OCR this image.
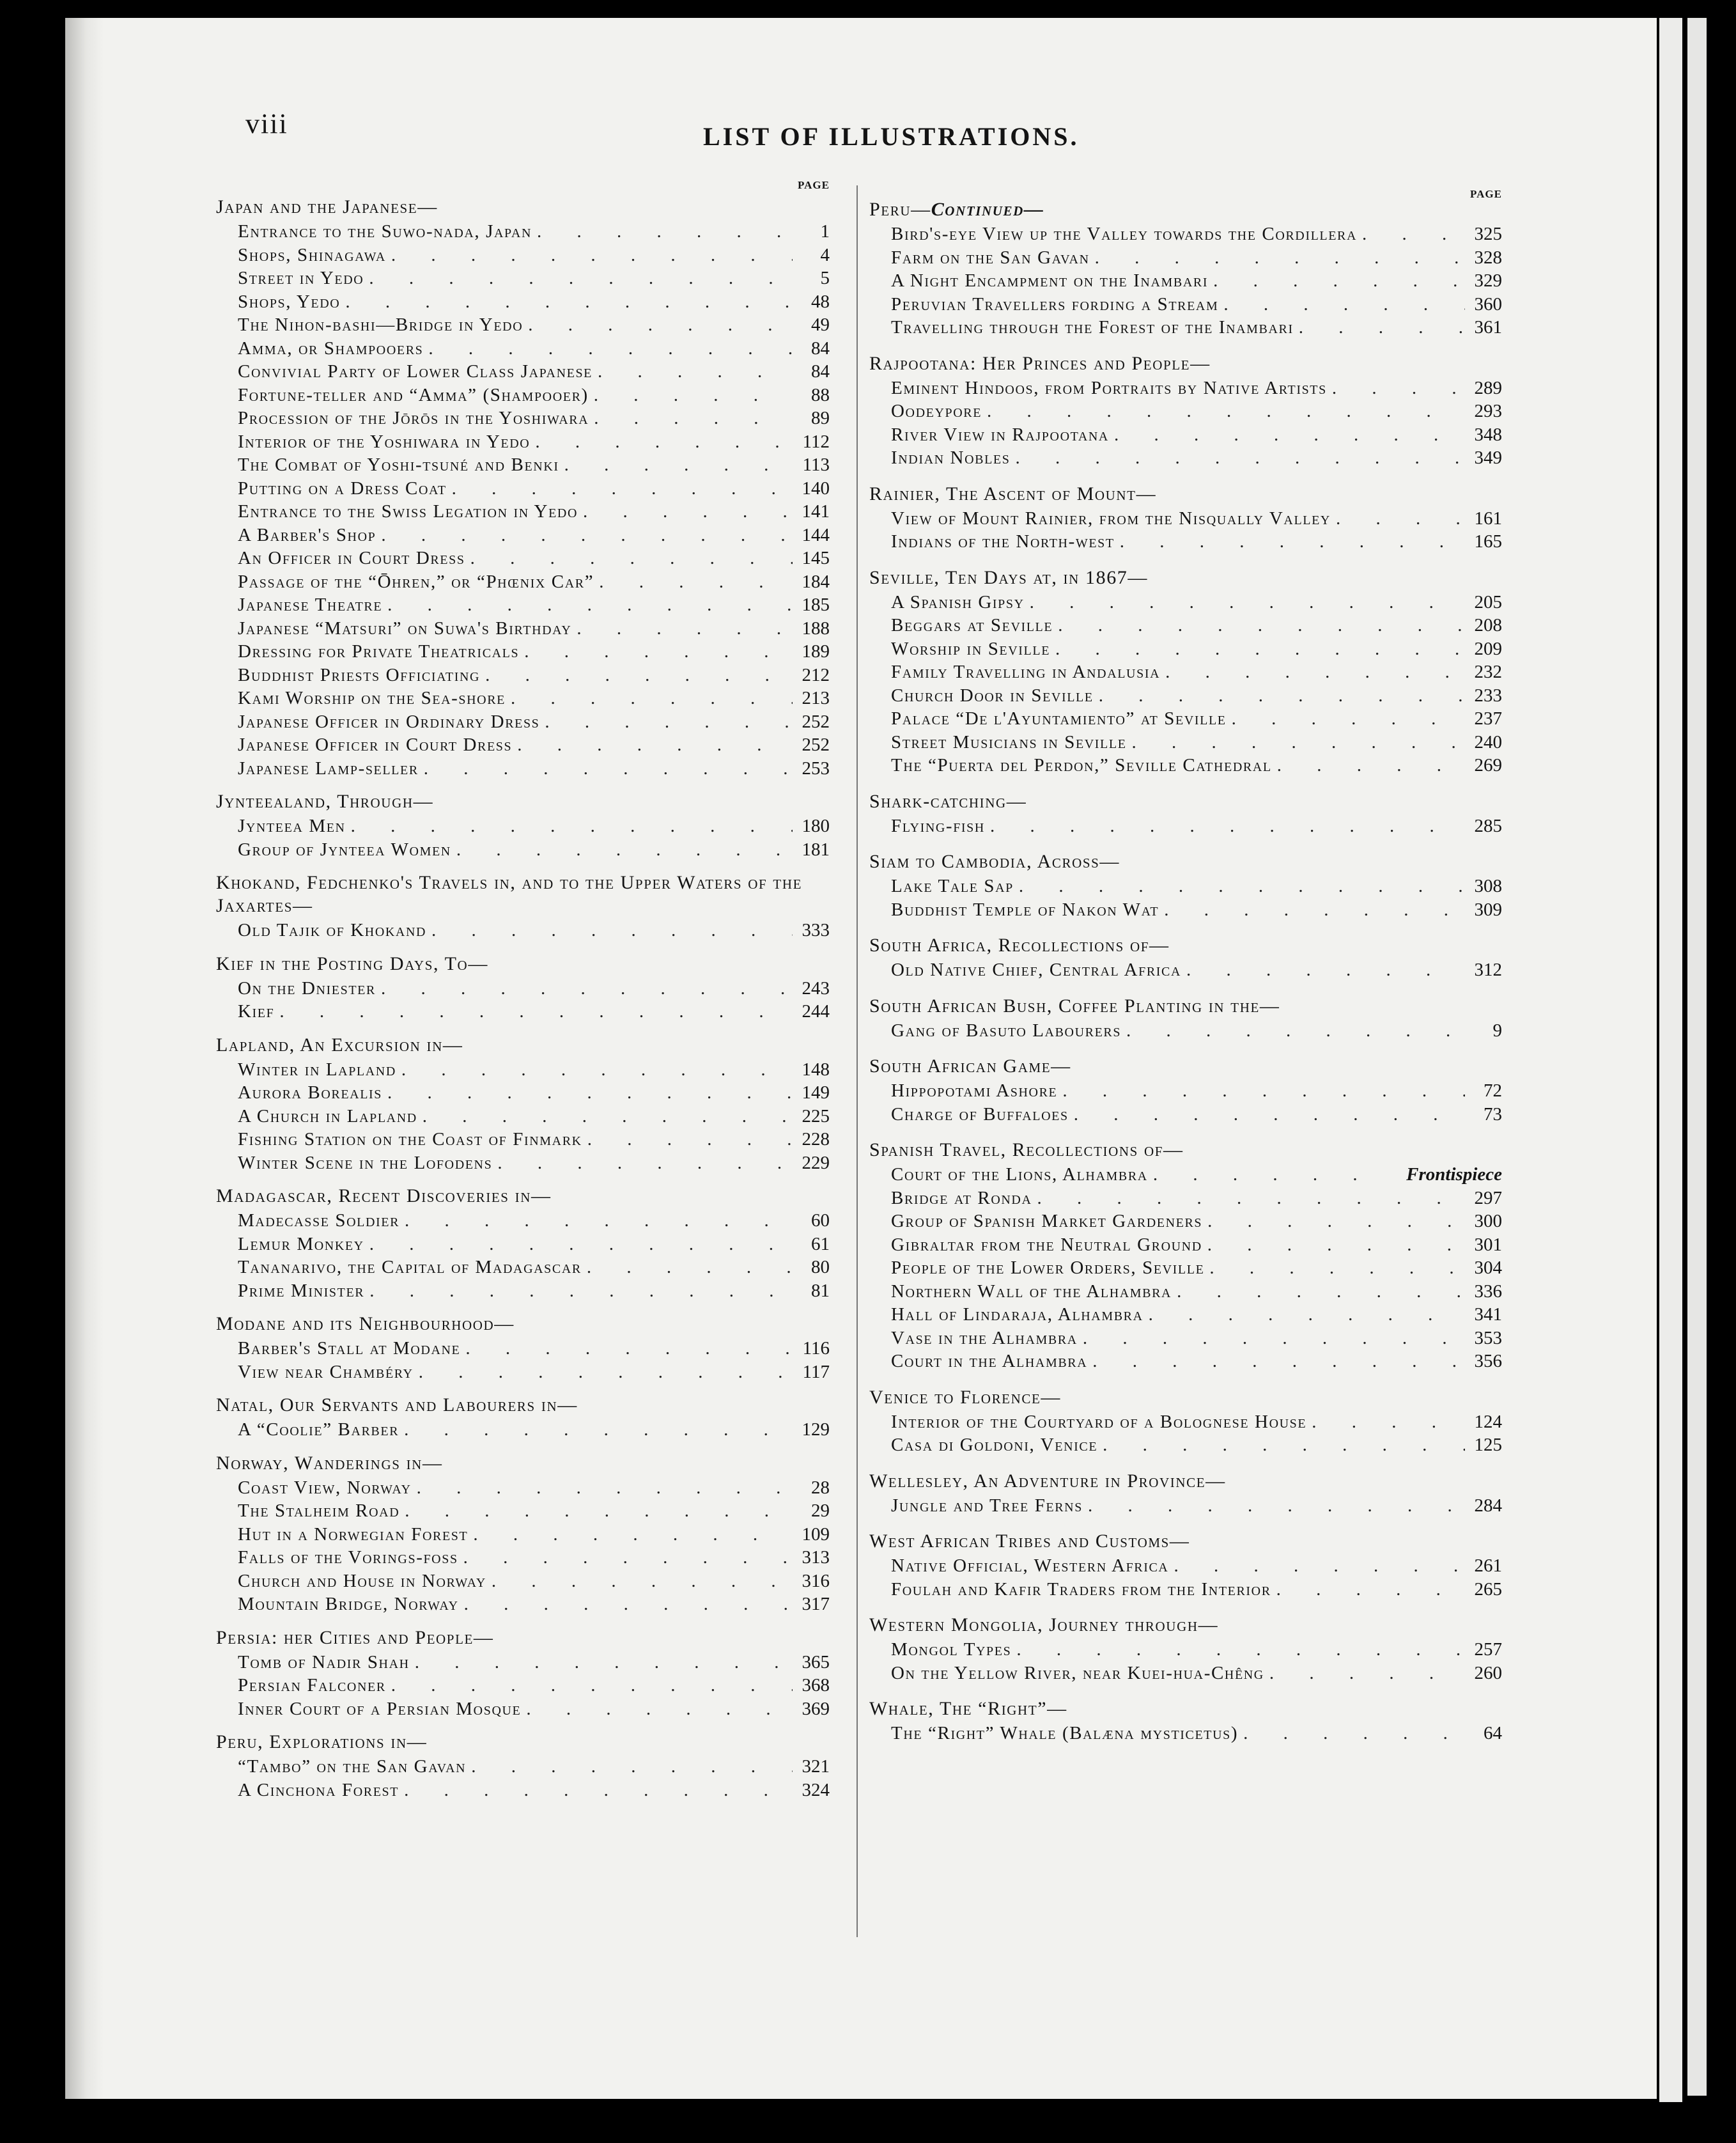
viii	LIST OF ILLUSTRATIONS.
PAGE
Japan and the Japanese—
Entrance to the Suwo-nada, Japan . . .	1
Shops, Shinagawa . . .	4
Street in Yedo . . .	5
Shops, Yedo . . .	48
The Nihon-bashi—Bridge in Yedo . . .	49
Amma, or Shampooers . . .	84
Convivial Party of Lower Class Japanese . . .	84
Fortune-teller and “Amma” (Shampooer) . . .	88
Procession of the Jōrōs in the Yoshiwara . . .	89
Interior of the Yoshiwara in Yedo . . .	112
The Combat of Yoshi-tsuné and Benki . . .	113
Putting on a Dress Coat . . .	140
Entrance to the Swiss Legation in Yedo . . .	141
A Barber's Shop . . .	144
An Officer in Court Dress . . .	145
Passage of the “Ōhren,” or “Phœnix Car” . . .	184
Japanese Theatre . . .	185
Japanese “Matsuri” on Suwa's Birthday . . .	188
Dressing for Private Theatricals . . .	189
Buddhist Priests Officiating . . .	212
Kami Worship on the Sea-shore . . .	213
Japanese Officer in Ordinary Dress . . .	252
Japanese Officer in Court Dress . . .	252
Japanese Lamp-seller . . .	253
Jynteealand, Through—
Jynteea Men . . .	180
Group of Jynteea Women . . .	181
Khokand, Fedchenko's Travels in, and to the Upper Waters of the Jaxartes—
Old Tajik of Khokand . . .	333
Kief in the Posting Days, To—
On the Dniester . . .	243
Kief . . .	244
Lapland, An Excursion in—
Winter in Lapland . . .	148
Aurora Borealis . . .	149
A Church in Lapland . . .	225
Fishing Station on the Coast of Finmark . . .	228
Winter Scene in the Lofodens . . .	229
Madagascar, Recent Discoveries in—
Madecasse Soldier . . .	60
Lemur Monkey . . .	61
Tananarivo, the Capital of Madagascar . . .	80
Prime Minister . . .	81
Modane and its Neighbourhood—
Barber's Stall at Modane . . .	116
View near Chambéry . . .	117
Natal, Our Servants and Labourers in—
A “Coolie” Barber . . .	129
Norway, Wanderings in—
Coast View, Norway . . .	28
The Stalheim Road . . .	29
Hut in a Norwegian Forest . . .	109
Falls of the Vorings-foss . . .	313
Church and House in Norway . . .	316
Mountain Bridge, Norway . . .	317
Persia: her Cities and People—
Tomb of Nadir Shah . . .	365
Persian Falconer . . .	368
Inner Court of a Persian Mosque . . .	369
Peru, Explorations in—
“Tambo” on the San Gavan . . .	321
A Cinchona Forest . . .	324
PAGE
Peru—Continued—
Bird's-eye View up the Valley towards the Cordillera . . .	325
Farm on the San Gavan . . .	328
A Night Encampment on the Inambari . . .	329
Peruvian Travellers fording a Stream . . .	360
Travelling through the Forest of the Inambari . . .	361
Rajpootana: Her Princes and People—
Eminent Hindoos, from Portraits by Native Artists . . .	289
Oodeypore . . .	293
River View in Rajpootana . . .	348
Indian Nobles . . .	349
Rainier, The Ascent of Mount—
View of Mount Rainier, from the Nisqually Valley . . .	161
Indians of the North-west . . .	165
Seville, Ten Days at, in 1867—
A Spanish Gipsy . . .	205
Beggars at Seville . . .	208
Worship in Seville . . .	209
Family Travelling in Andalusia . . .	232
Church Door in Seville . . .	233
Palace “De l'Ayuntamiento” at Seville . . .	237
Street Musicians in Seville . . .	240
The “Puerta del Perdon,” Seville Cathedral . . .	269
Shark-catching—
Flying-fish . . .	285
Siam to Cambodia, Across—
Lake Tale Sap . . .	308
Buddhist Temple of Nakon Wat . . .	309
South Africa, Recollections of—
Old Native Chief, Central Africa . . .	312
South African Bush, Coffee Planting in the—
Gang of Basuto Labourers . . .	9
South African Game—
Hippopotami Ashore . . .	72
Charge of Buffaloes . . .	73
Spanish Travel, Recollections of—
Court of the Lions, Alhambra . . .	Frontispiece
Bridge at Ronda . . .	297
Group of Spanish Market Gardeners . . .	300
Gibraltar from the Neutral Ground . . .	301
People of the Lower Orders, Seville . . .	304
Northern Wall of the Alhambra . . .	336
Hall of Lindaraja, Alhambra . . .	341
Vase in the Alhambra . . .	353
Court in the Alhambra . . .	356
Venice to Florence—
Interior of the Courtyard of a Bolognese House . . .	124
Casa di Goldoni, Venice . . .	125
Wellesley, An Adventure in Province—
Jungle and Tree Ferns . . .	284
West African Tribes and Customs—
Native Official, Western Africa . . .	261
Foulah and Kafir Traders from the Interior . . .	265
Western Mongolia, Journey through—
Mongol Types . . .	257
On the Yellow River, near Kuei-hua-Chêng . . .	260
Whale, The “Right”—
The “Right” Whale (Balæna mysticetus) . . .	64
